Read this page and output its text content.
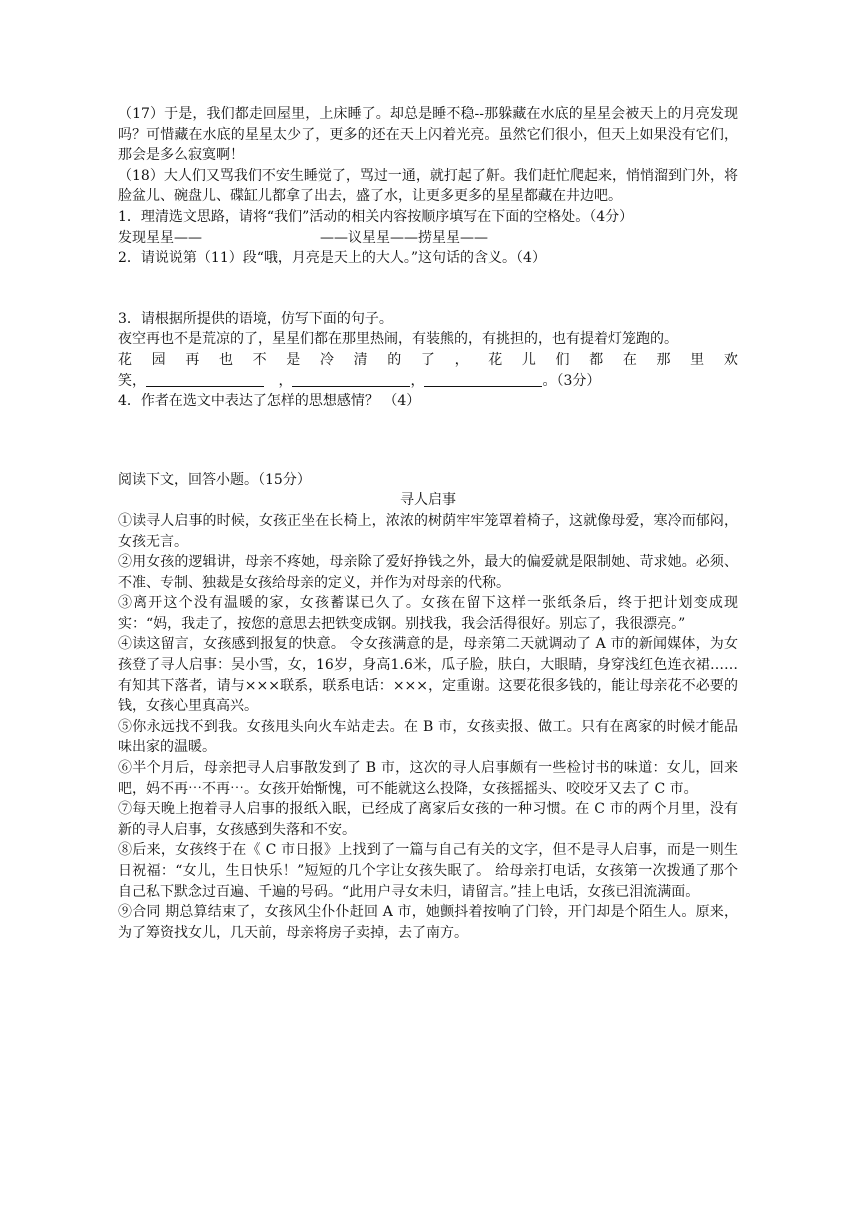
（17）于是，我们都走回屋里，上床睡了。却总是睡不稳--那躲藏在水底的星星会被天上的月亮发现吗？可惜藏在水底的星星太少了，更多的还在天上闪着光亮。虽然它们很小，但天上如果没有它们，那会是多么寂寞啊！

（18）大人们又骂我们不安生睡觉了，骂过一通，就打起了鼾。我们赶忙爬起来，悄悄溜到门外，将脸盆儿、碗盘儿、碟缸儿都拿了出去，盛了水，让更多更多的星星都藏在井边吧。

1．理清选文思路，请将“我们”活动的相关内容按顺序填写在下面的空格处。（4分）

发现星星——	——议星星——捞星星——

2．请说说第（11）段“哦，月亮是天上的大人。”这句话的含义。（4）

3．请根据所提供的语境，仿写下面的句子。

夜空再也不是荒凉的了，星星们都在那里热闹，有装熊的，有挑担的，也有提着灯笼跑的。

花 园 再 也 不 是 冷 清 的 了 ， 花 儿 们 都 在 那 里 欢
笑，	，	，	。（3分）

4．作者在选文中表达了怎样的思想感情？ （4）

阅读下文，回答小题。（15分）

寻人启事

①读寻人启事的时候，女孩正坐在长椅上，浓浓的树荫牢牢笼罩着椅子，这就像母爱，寒冷而郁闷，女孩无言。

②用女孩的逻辑讲，母亲不疼她，母亲除了爱好挣钱之外，最大的偏爱就是限制她、苛求她。必须、不准、专制、独裁是女孩给母亲的定义，并作为对母亲的代称。

③离开这个没有温暖的家，女孩蓄谋已久了。女孩在留下这样一张纸条后，终于把计划变成现实：“妈，我走了，按您的意思去把铁变成钢。别找我，我会活得很好。别忘了，我很漂亮。”

④读这留言，女孩感到报复的快意。 令女孩满意的是，母亲第二天就调动了 A 市的新闻媒体，为女孩登了寻人启事：吴小雪，女，16岁，身高1.6米，瓜子脸，肤白，大眼睛，身穿浅红色连衣裙……有知其下落者，请与×××联系，联系电话：×××，定重谢。这要花很多钱的，能让母亲花不必要的钱，女孩心里真高兴。

⑤你永远找不到我。女孩甩头向火车站走去。在 B 市，女孩卖报、做工。只有在离家的时候才能品味出家的温暖。

⑥半个月后，母亲把寻人启事散发到了 B 市，这次的寻人启事颇有一些检讨书的味道：女儿，回来吧，妈不再⋯不再⋯。女孩开始惭愧，可不能就这么投降，女孩摇摇头、咬咬牙又去了 C 市。

⑦每天晚上抱着寻人启事的报纸入眠，已经成了离家后女孩的一种习惯。在 C 市的两个月里，没有新的寻人启事，女孩感到失落和不安。

⑧后来，女孩终于在《 C 市日报》上找到了一篇与自己有关的文字，但不是寻人启事，而是一则生日祝福：“女儿，生日快乐！”短短的几个字让女孩失眠了。 给母亲打电话，女孩第一次拨通了那个自己私下默念过百遍、千遍的号码。“此用户寻女未归，请留言。”挂上电话，女孩已泪流满面。

⑨合同 期总算结束了，女孩风尘仆仆赶回 A 市，她颤抖着按响了门铃，开门却是个陌生人。原来，为了筹资找女儿，几天前，母亲将房子卖掉，去了南方。
